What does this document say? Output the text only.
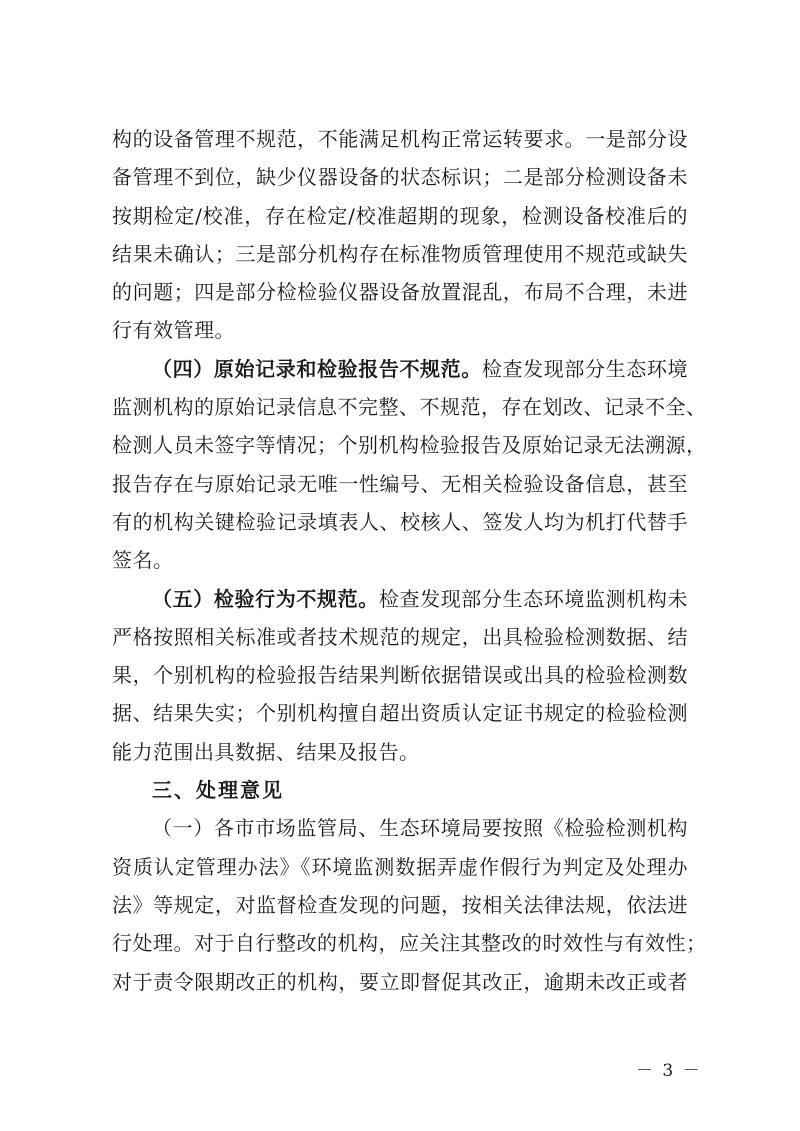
构的设备管理不规范，不能满足机构正常运转要求。一是部分设
备管理不到位，缺少仪器设备的状态标识；二是部分检测设备未
按期检定/校准，存在检定/校准超期的现象，检测设备校准后的
结果未确认；三是部分机构存在标准物质管理使用不规范或缺失
的问题；四是部分检检验仪器设备放置混乱，布局不合理，未进
行有效管理。
（四）原始记录和检验报告不规范。检查发现部分生态环境
监测机构的原始记录信息不完整、不规范，存在划改、记录不全、
检测人员未签字等情况；个别机构检验报告及原始记录无法溯源，
报告存在与原始记录无唯一性编号、无相关检验设备信息，甚至
有的机构关键检验记录填表人、校核人、签发人均为机打代替手
签名。
（五）检验行为不规范。检查发现部分生态环境监测机构未
严格按照相关标准或者技术规范的规定，出具检验检测数据、结
果，个别机构的检验报告结果判断依据错误或出具的检验检测数
据、结果失实；个别机构擅自超出资质认定证书规定的检验检测
能力范围出具数据、结果及报告。
三、处理意见
（一）各市市场监管局、生态环境局要按照《检验检测机构
资质认定管理办法》《环境监测数据弄虚作假行为判定及处理办
法》等规定，对监督检查发现的问题，按相关法律法规，依法进
行处理。对于自行整改的机构，应关注其整改的时效性与有效性；
对于责令限期改正的机构，要立即督促其改正，逾期未改正或者
－ 3 －
